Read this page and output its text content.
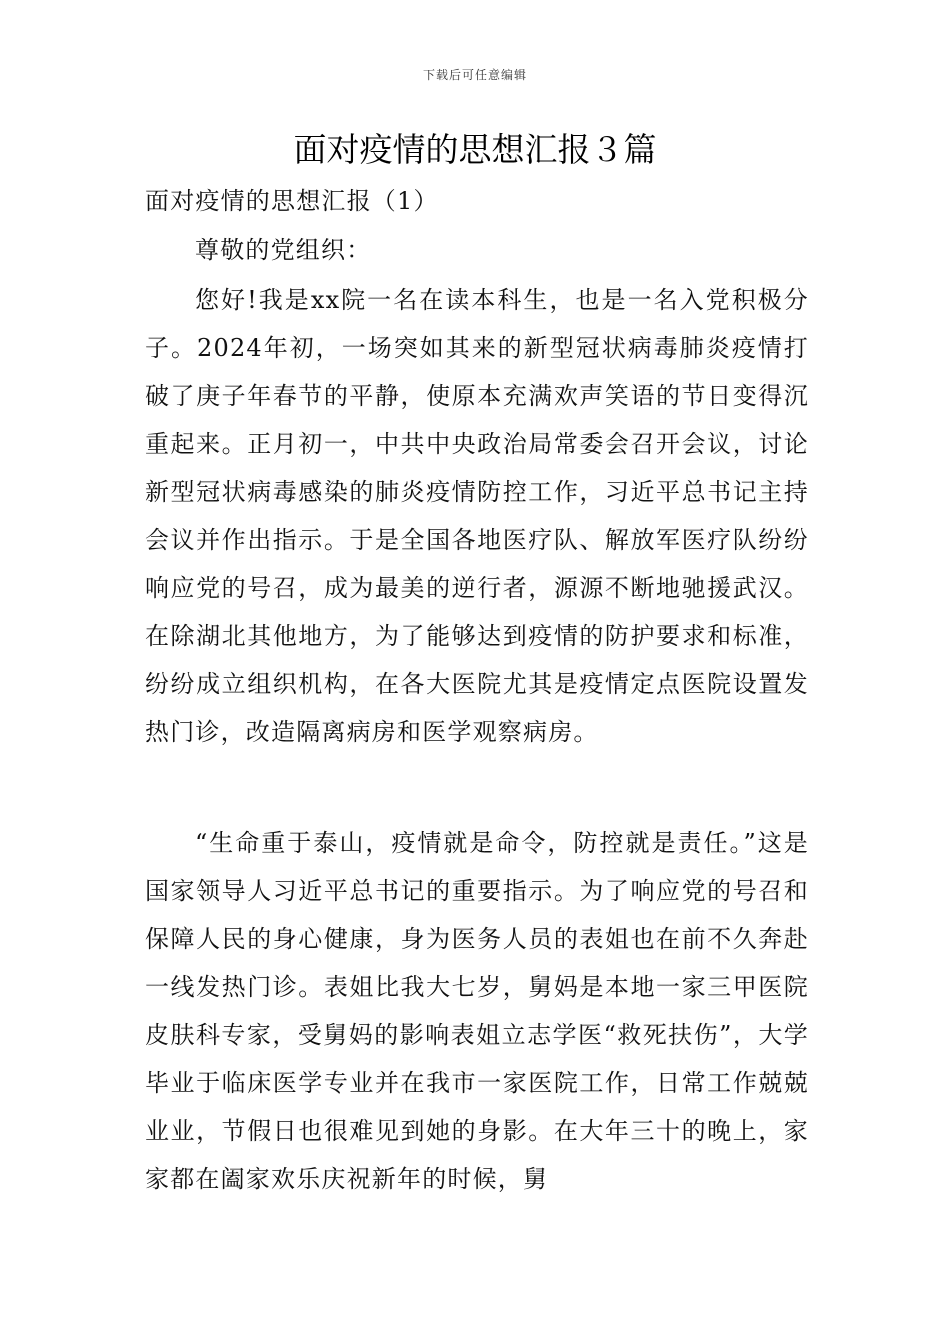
下载后可任意编辑
面对疫情的思想汇报３篇

面对疫情的思想汇报（1）

尊敬的党组织：

您好!我是xx院一名在读本科生，也是一名入党积极分子。2024年初，一场突如其来的新型冠状病毒肺炎疫情打破了庚子年春节的平静，使原本充满欢声笑语的节日变得沉重起来。正月初一，中共中央政治局常委会召开会议，讨论新型冠状病毒感染的肺炎疫情防控工作，习近平总书记主持会议并作出指示。于是全国各地医疗队、解放军医疗队纷纷响应党的号召，成为最美的逆行者，源源不断地驰援武汉。在除湖北其他地方，为了能够达到疫情的防护要求和标准，纷纷成立组织机构，在各大医院尤其是疫情定点医院设置发热门诊，改造隔离病房和医学观察病房。

“生命重于泰山，疫情就是命令，防控就是责任。”这是国家领导人习近平总书记的重要指示。为了响应党的号召和保障人民的身心健康，身为医务人员的表姐也在前不久奔赴一线发热门诊。表姐比我大七岁，舅妈是本地一家三甲医院皮肤科专家，受舅妈的影响表姐立志学医“救死扶伤”，大学毕业于临床医学专业并在我市一家医院工作，日常工作兢兢业业，节假日也很难见到她的身影。在大年三十的晚上，家家都在阖家欢乐庆祝新年的时候，舅
